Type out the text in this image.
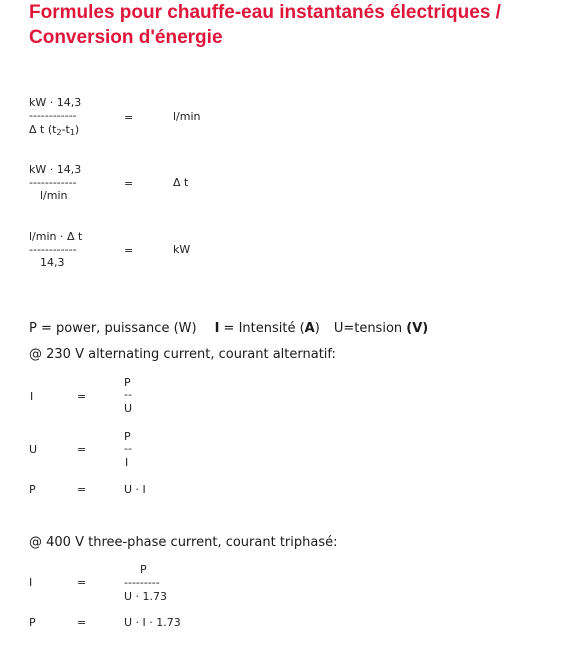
Formules pour chauffe-eau instantanés électriques /
Conversion d'énergie
kW · 14,3
------------
Δ t $(t_2-t_1)$
=	l/min
kW · 14,3
------------
l/min
=	Δ t
l/min · Δ t
------------
14,3
=	kW
P = power, puissance (W) I = Intensité (A) U=tension (V)
@ 230 V alternating current, courant alternatif:
P
I	=	--
U
P
U	=	--
I
P	=	U · I
@ 400 V three-phase current, courant triphasé:
P
I	=	---------
U · 1.73
P	=	U · I · 1.73
